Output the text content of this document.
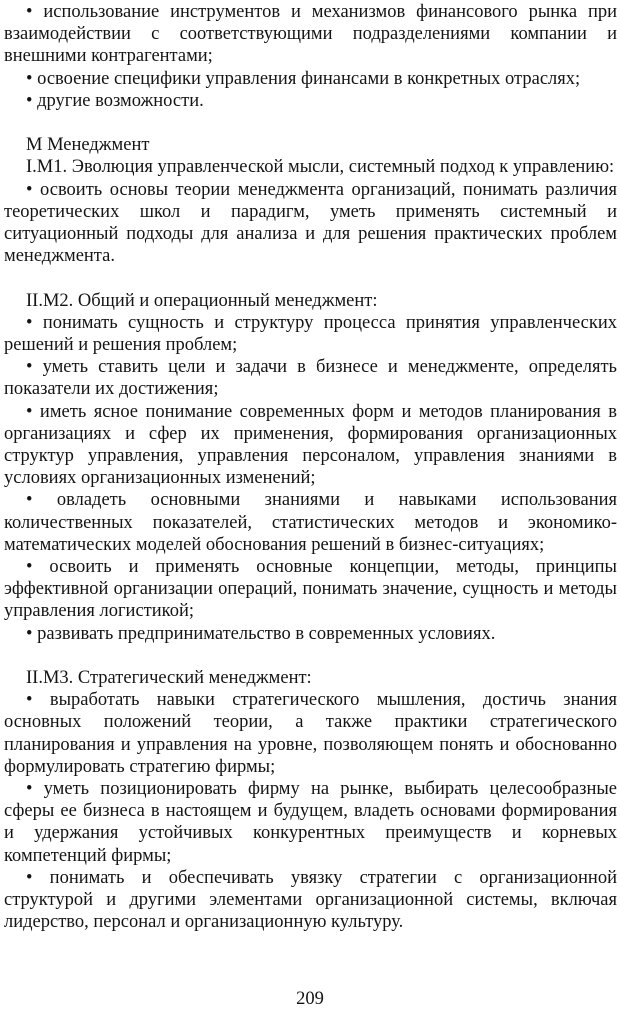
• использование инструментов и механизмов финансового рынка при взаимодействии с соответствующими подразделениями компании и внешними контрагентами;

• освоение специфики управления финансами в конкретных отраслях;

• другие возможности.

М Менеджмент

I.M1. Эволюция управленческой мысли, системный подход к управлению:

• освоить основы теории менеджмента организаций, понимать различия теоретических школ и парадигм, уметь применять системный и ситуационный подходы для анализа и для решения практических проблем менеджмента.

II.M2. Общий и операционный менеджмент:

• понимать сущность и структуру процесса принятия управленческих решений и решения проблем;

• уметь ставить цели и задачи в бизнесе и менеджменте, определять показатели их достижения;

• иметь ясное понимание современных форм и методов планирования в организациях и сфер их применения, формирования организационных структур управления, управления персоналом, управления знаниями в условиях организационных изменений;

• овладеть основными знаниями и навыками использования количественных показателей, статистических методов и экономико-математических моделей обоснования решений в бизнес-ситуациях;

• освоить и применять основные концепции, методы, принципы эффективной организации операций, понимать значение, сущность и методы управления логистикой;

• развивать предпринимательство в современных условиях.

II.M3. Стратегический менеджмент:

• выработать навыки стратегического мышления, достичь знания основных положений теории, а также практики стратегического планирования и управления на уровне, позволяющем понять и обоснованно формулировать стратегию фирмы;

• уметь позиционировать фирму на рынке, выбирать целесообразные сферы ее бизнеса в настоящем и будущем, владеть основами формирования и удержания устойчивых конкурентных преимуществ и корневых компетенций фирмы;

• понимать и обеспечивать увязку стратегии с организационной структурой и другими элементами организационной системы, включая лидерство, персонал и организационную культуру.

209
